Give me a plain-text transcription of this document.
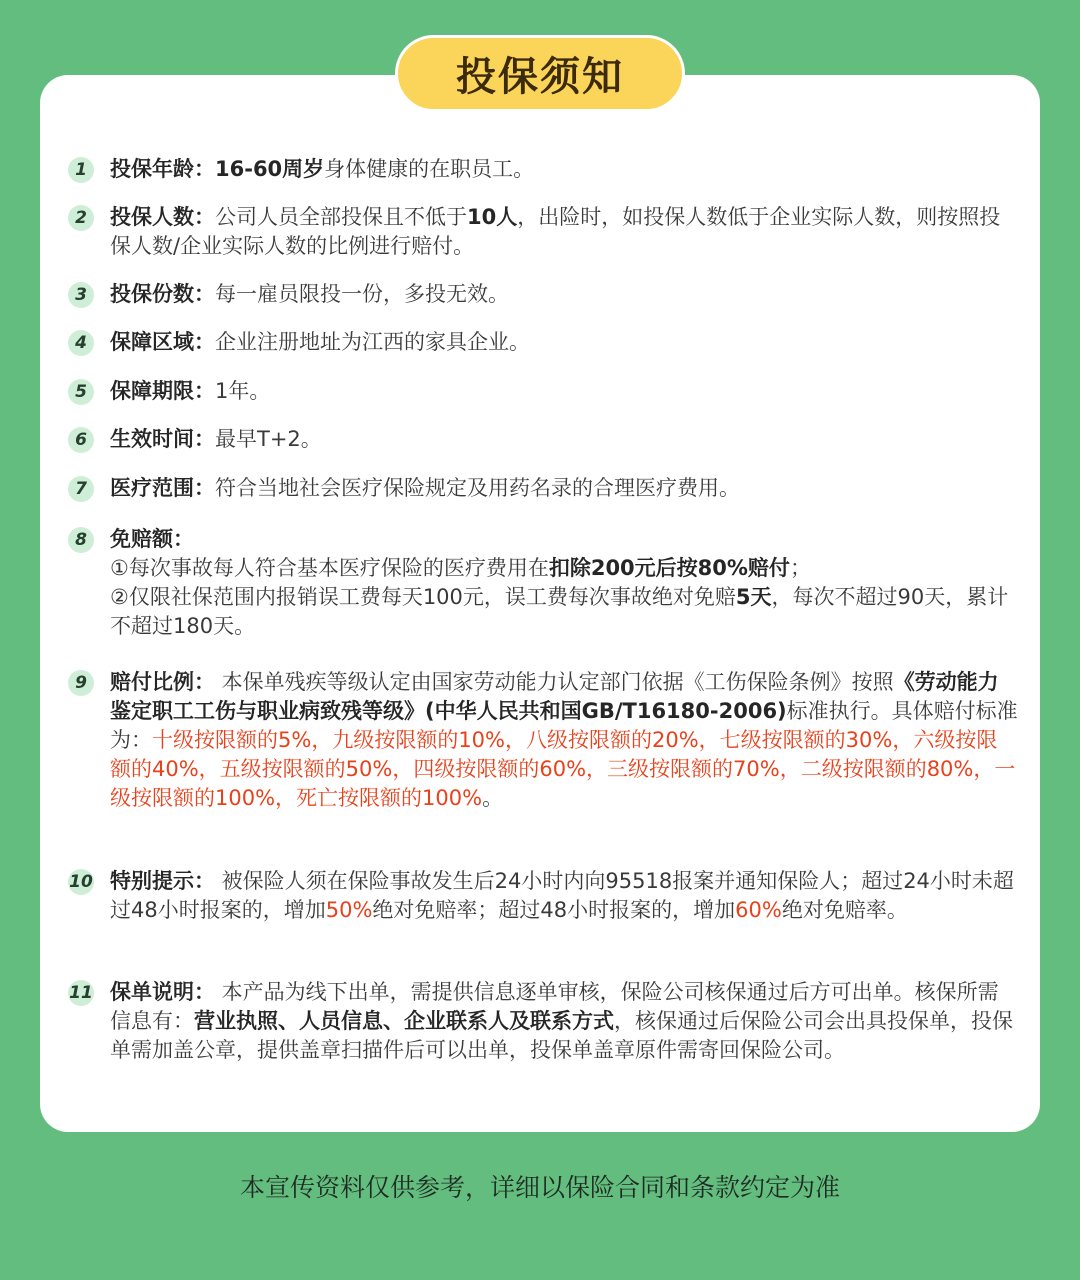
投保须知
1	投保年龄：16-60周岁身体健康的在职员工。
2	投保人数：公司人员全部投保且不低于10人，出险时，如投保人数低于企业实际人数，则按照投保人数/企业实际人数的比例进行赔付。
3	投保份数：每一雇员限投一份，多投无效。
4	保障区域：企业注册地址为江西的家具企业。
5	保障期限：1年。
6	生效时间：最早T+2。
7	医疗范围：符合当地社会医疗保险规定及用药名录的合理医疗费用。
8	免赔额：
①每次事故每人符合基本医疗保险的医疗费用在扣除200元后按80%赔付；
②仅限社保范围内报销误工费每天100元，误工费每次事故绝对免赔5天，每次不超过90天，累计不超过180天。
9	赔付比例： 本保单残疾等级认定由国家劳动能力认定部门依据《工伤保险条例》按照《劳动能力鉴定职工工伤与职业病致残等级》(中华人民共和国GB/T16180-2006)标准执行。具体赔付标准为：十级按限额的5%，九级按限额的10%，八级按限额的20%，七级按限额的30%，六级按限额的40%，五级按限额的50%，四级按限额的60%，三级按限额的70%，二级按限额的80%，一级按限额的100%，死亡按限额的100%。
10 特别提示： 被保险人须在保险事故发生后24小时内向95518报案并通知保险人；超过24小时未超过48小时报案的，增加50%绝对免赔率；超过48小时报案的，增加60%绝对免赔率。
11 保单说明： 本产品为线下出单，需提供信息逐单审核，保险公司核保通过后方可出单。核保所需信息有：营业执照、人员信息、企业联系人及联系方式，核保通过后保险公司会出具投保单，投保单需加盖公章，提供盖章扫描件后可以出单，投保单盖章原件需寄回保险公司。
本宣传资料仅供参考，详细以保险合同和条款约定为准
